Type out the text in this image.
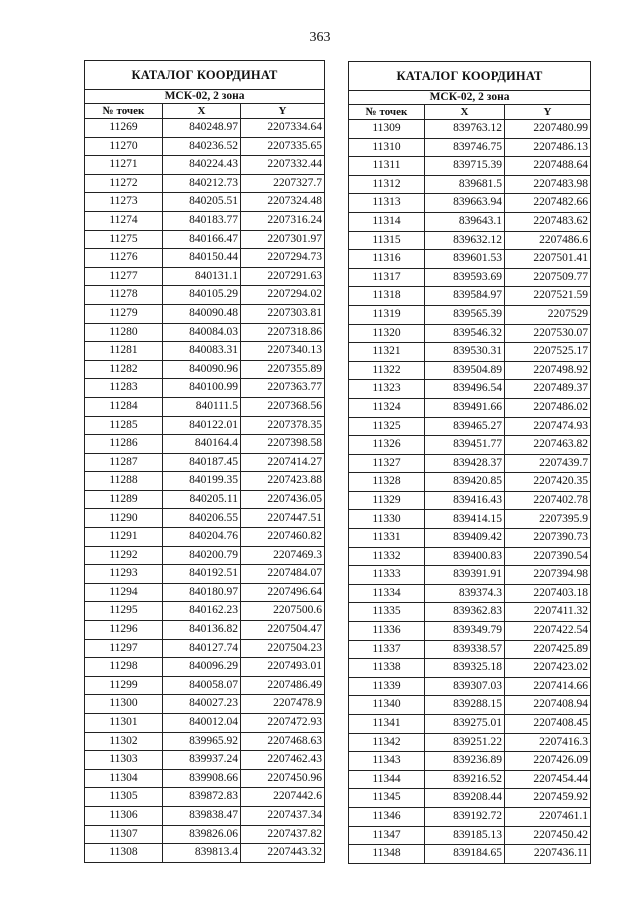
363
КАТАЛОГ КООРДИНАТ		
МСК-02, 2 зона		
№ точек	X	Y
11269	840248.97	2207334.64
11270	840236.52	2207335.65
11271	840224.43	2207332.44
11272	840212.73	2207327.7
11273	840205.51	2207324.48
11274	840183.77	2207316.24
11275	840166.47	2207301.97
11276	840150.44	2207294.73
11277	840131.1	2207291.63
11278	840105.29	2207294.02
11279	840090.48	2207303.81
11280	840084.03	2207318.86
11281	840083.31	2207340.13
11282	840090.96	2207355.89
11283	840100.99	2207363.77
11284	840111.5	2207368.56
11285	840122.01	2207378.35
11286	840164.4	2207398.58
11287	840187.45	2207414.27
11288	840199.35	2207423.88
11289	840205.11	2207436.05
11290	840206.55	2207447.51
11291	840204.76	2207460.82
11292	840200.79	2207469.3
11293	840192.51	2207484.07
11294	840180.97	2207496.64
11295	840162.23	2207500.6
11296	840136.82	2207504.47
11297	840127.74	2207504.23
11298	840096.29	2207493.01
11299	840058.07	2207486.49
11300	840027.23	2207478.9
11301	840012.04	2207472.93
11302	839965.92	2207468.63
11303	839937.24	2207462.43
11304	839908.66	2207450.96
11305	839872.83	2207442.6
11306	839838.47	2207437.34
11307	839826.06	2207437.82
11308	839813.4	2207443.32
КАТАЛОГ КООРДИНАТ		
МСК-02, 2 зона		
№ точек	X	Y
11309	839763.12	2207480.99
11310	839746.75	2207486.13
11311	839715.39	2207488.64
11312	839681.5	2207483.98
11313	839663.94	2207482.66
11314	839643.1	2207483.62
11315	839632.12	2207486.6
11316	839601.53	2207501.41
11317	839593.69	2207509.77
11318	839584.97	2207521.59
11319	839565.39	2207529
11320	839546.32	2207530.07
11321	839530.31	2207525.17
11322	839504.89	2207498.92
11323	839496.54	2207489.37
11324	839491.66	2207486.02
11325	839465.27	2207474.93
11326	839451.77	2207463.82
11327	839428.37	2207439.7
11328	839420.85	2207420.35
11329	839416.43	2207402.78
11330	839414.15	2207395.9
11331	839409.42	2207390.73
11332	839400.83	2207390.54
11333	839391.91	2207394.98
11334	839374.3	2207403.18
11335	839362.83	2207411.32
11336	839349.79	2207422.54
11337	839338.57	2207425.89
11338	839325.18	2207423.02
11339	839307.03	2207414.66
11340	839288.15	2207408.94
11341	839275.01	2207408.45
11342	839251.22	2207416.3
11343	839236.89	2207426.09
11344	839216.52	2207454.44
11345	839208.44	2207459.92
11346	839192.72	2207461.1
11347	839185.13	2207450.42
11348	839184.65	2207436.11
